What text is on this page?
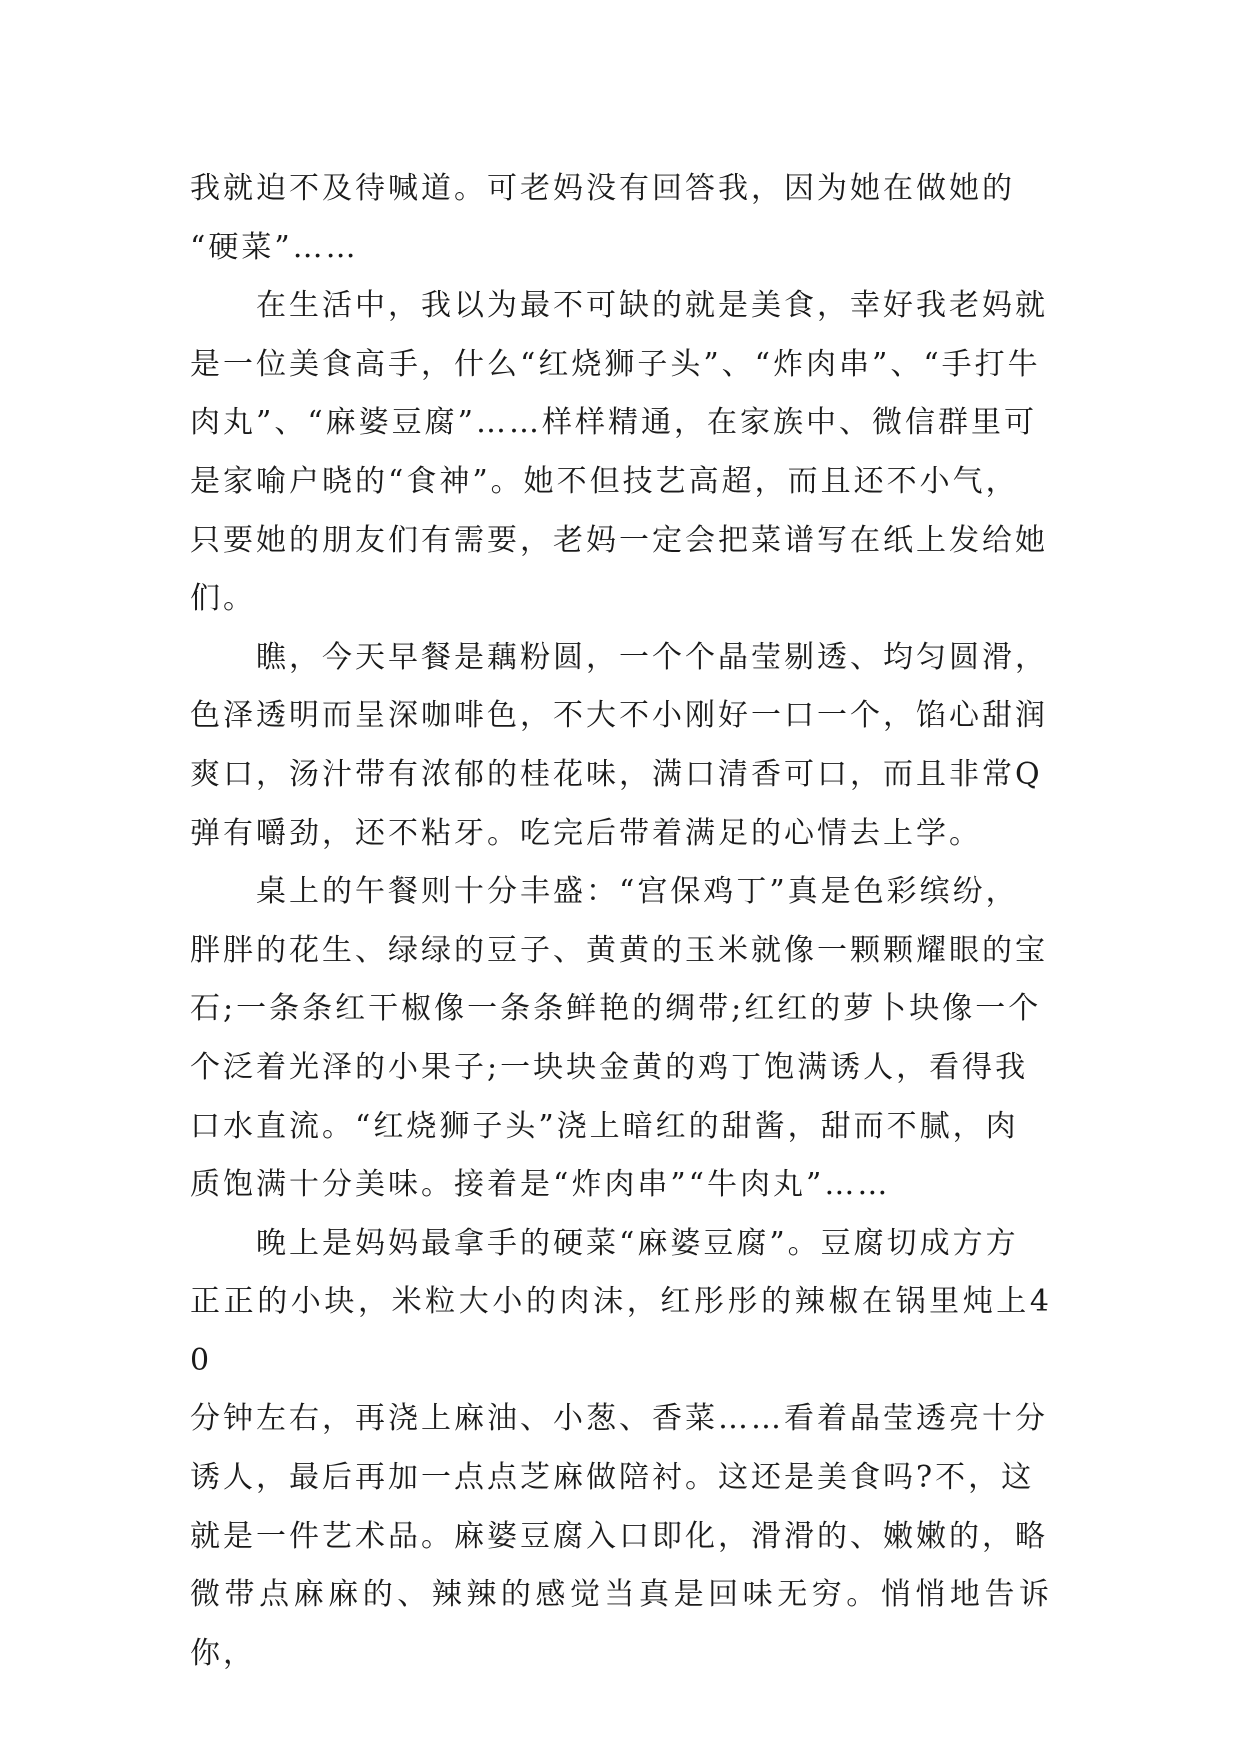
我就迫不及待喊道。可老妈没有回答我，因为她在做她的
“硬菜”……

在生活中，我以为最不可缺的就是美食，幸好我老妈就
是一位美食高手，什么“红烧狮子头”、“炸肉串”、“手打牛
肉丸”、“麻婆豆腐”……样样精通，在家族中、微信群里可
是家喻户晓的“食神”。她不但技艺高超，而且还不小气，
只要她的朋友们有需要，老妈一定会把菜谱写在纸上发给她
们。

瞧，今天早餐是藕粉圆，一个个晶莹剔透、均匀圆滑，
色泽透明而呈深咖啡色，不大不小刚好一口一个，馅心甜润
爽口，汤汁带有浓郁的桂花味，满口清香可口，而且非常Q
弹有嚼劲，还不粘牙。吃完后带着满足的心情去上学。

桌上的午餐则十分丰盛：“宫保鸡丁”真是色彩缤纷，
胖胖的花生、绿绿的豆子、黄黄的玉米就像一颗颗耀眼的宝
石;一条条红干椒像一条条鲜艳的绸带;红红的萝卜块像一个
个泛着光泽的小果子;一块块金黄的鸡丁饱满诱人，看得我
口水直流。“红烧狮子头”浇上暗红的甜酱，甜而不腻，肉
质饱满十分美味。接着是“炸肉串”“牛肉丸”……

晚上是妈妈最拿手的硬菜“麻婆豆腐”。豆腐切成方方
正正的小块，米粒大小的肉沫，红彤彤的辣椒在锅里炖上40
分钟左右，再浇上麻油、小葱、香菜……看着晶莹透亮十分
诱人，最后再加一点点芝麻做陪衬。这还是美食吗?不，这
就是一件艺术品。麻婆豆腐入口即化，滑滑的、嫩嫩的，略
微带点麻麻的、辣辣的感觉当真是回味无穷。悄悄地告诉你，
